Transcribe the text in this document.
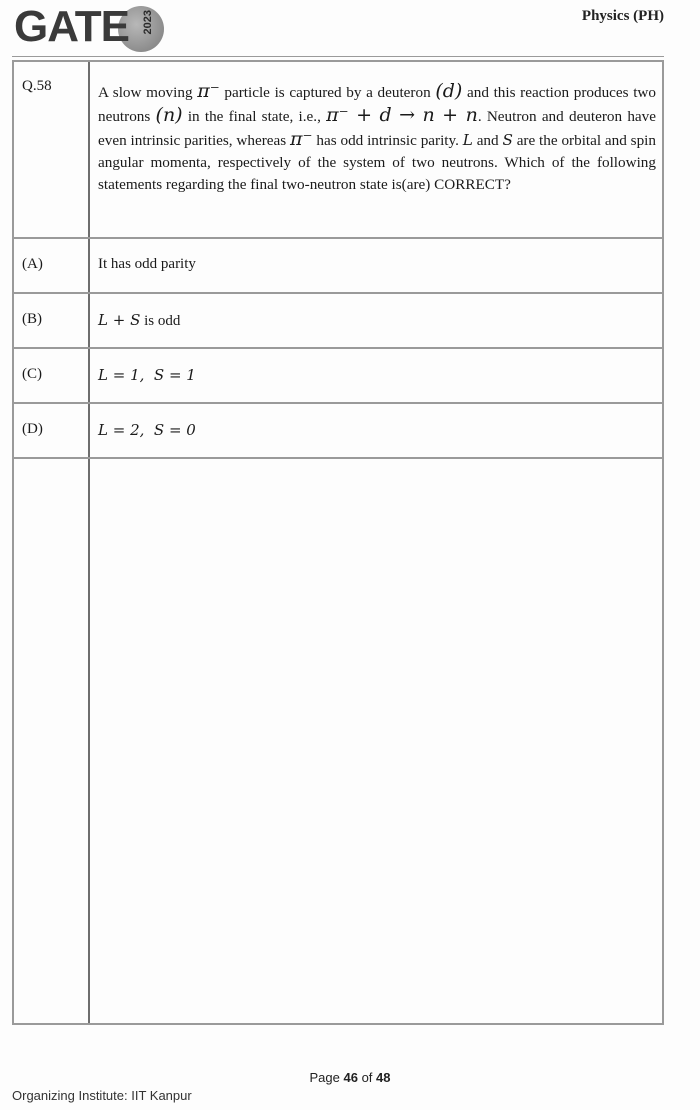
GATE 2023	Physics (PH)
Q.58	A slow moving π⁻ particle is captured by a deuteron (d) and this reaction produces two neutrons (n) in the final state, i.e., π⁻ + d → n + n. Neutron and deuteron have even intrinsic parities, whereas π⁻ has odd intrinsic parity. L and S are the orbital and spin angular momenta, respectively of the system of two neutrons. Which of the following statements regarding the final two-neutron state is(are) CORRECT?
(A)	It has odd parity
(B)	L + S is odd
(C)	L = 1,  S = 1
(D)	L = 2,  S = 0
Page 46 of 48
Organizing Institute: IIT Kanpur
